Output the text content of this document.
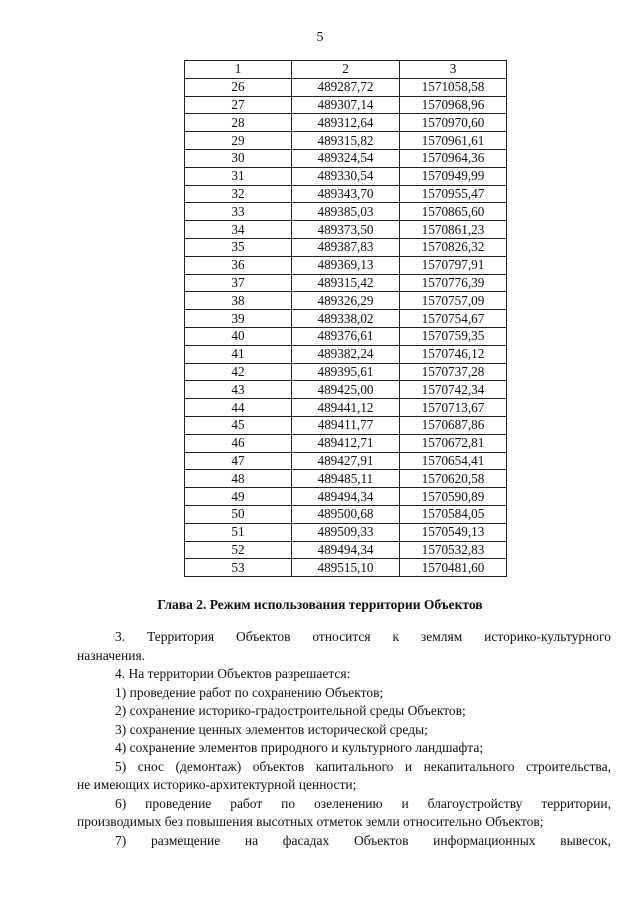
5
1	2	3
26	489287,72	1571058,58
27	489307,14	1570968,96
28	489312,64	1570970,60
29	489315,82	1570961,61
30	489324,54	1570964,36
31	489330,54	1570949,99
32	489343,70	1570955,47
33	489385,03	1570865,60
34	489373,50	1570861,23
35	489387,83	1570826,32
36	489369,13	1570797,91
37	489315,42	1570776,39
38	489326,29	1570757,09
39	489338,02	1570754,67
40	489376,61	1570759,35
41	489382,24	1570746,12
42	489395,61	1570737,28
43	489425,00	1570742,34
44	489441,12	1570713,67
45	489411,77	1570687,86
46	489412,71	1570672,81
47	489427,91	1570654,41
48	489485,11	1570620,58
49	489494,34	1570590,89
50	489500,68	1570584,05
51	489509,33	1570549,13
52	489494,34	1570532,83
53	489515,10	1570481,60
Глава 2. Режим использования территории Объектов

3. Территория Объектов относится к землям историко-культурного

назначения.

4. На территории Объектов разрешается:

1) проведение работ по сохранению Объектов;

2) сохранение историко-градостроительной среды Объектов;

3) сохранение ценных элементов исторической среды;

4) сохранение элементов природного и культурного ландшафта;

5) снос (демонтаж) объектов капитального и некапитального строительства,

не имеющих историко-архитектурной ценности;

6) проведение работ по озеленению и благоустройству территории,

производимых без повышения высотных отметок земли относительно Объектов;

7) размещение на фасадах Объектов информационных вывесок,
